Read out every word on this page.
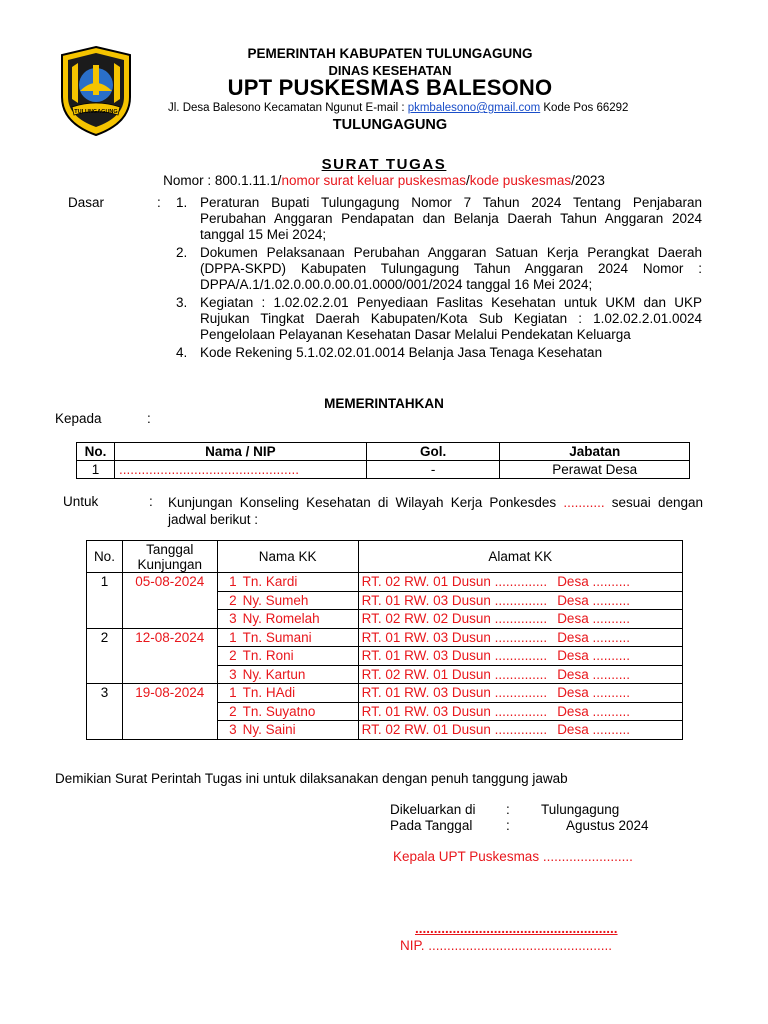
TULUNGAGUNG
PEMERINTAH KABUPATEN TULUNGAGUNG
DINAS KESEHATAN
UPT PUSKESMAS BALESONO
Jl. Desa Balesono Kecamatan Ngunut E-mail : pkmbalesono@gmail.com Kode Pos 66292
TULUNGAGUNG
SURAT TUGAS
Nomor : 800.1.11.1/nomor surat keluar puskesmas/kode puskesmas/2023
Dasar	: 1. Peraturan Bupati Tulungagung Nomor 7 Tahun 2024 Tentang Penjabaran Perubahan Anggaran Pendapatan dan Belanja Daerah Tahun Anggaran 2024 tanggal 15 Mei 2024;
2. Dokumen Pelaksanaan Perubahan Anggaran Satuan Kerja Perangkat Daerah (DPPA-SKPD) Kabupaten Tulungagung Tahun Anggaran 2024 Nomor : DPPA/A.1/1.02.0.00.0.00.01.0000/001/2024 tanggal 16 Mei 2024;
3. Kegiatan : 1.02.02.2.01 Penyediaan Faslitas Kesehatan untuk UKM dan UKP Rujukan Tingkat Daerah Kabupaten/Kota Sub Kegiatan : 1.02.02.2.01.0024 Pengelolaan Pelayanan Kesehatan Dasar Melalui Pendekatan Keluarga
4. Kode Rekening 5.1.02.02.01.0014 Belanja Jasa Tenaga Kesehatan
MEMERINTAHKAN
Kepada	:
No.	Nama / NIP	Gol.	Jabatan
1	................................................	-	Perawat Desa
Untuk	: Kunjungan Konseling Kesehatan di Wilayah Kerja Ponkesdes ........... sesuai dengan jadwal berikut :
No.	Tanggal Kunjungan	Nama KK	Alamat KK
1	05-08-2024	1 Tn. Kardi	RT. 02 RW. 01 Dusun .............. Desa ..........
		2 Ny. Sumeh	RT. 01 RW. 03 Dusun .............. Desa ..........
		3 Ny. Romelah	RT. 02 RW. 02 Dusun .............. Desa ..........
2	12-08-2024	1 Tn. Sumani	RT. 01 RW. 03 Dusun .............. Desa ..........
		2 Tn. Roni	RT. 01 RW. 03 Dusun .............. Desa ..........
		3 Ny. Kartun	RT. 02 RW. 01 Dusun .............. Desa ..........
3	19-08-2024	1 Tn. HAdi	RT. 01 RW. 03 Dusun .............. Desa ..........
		2 Tn. Suyatno	RT. 01 RW. 03 Dusun .............. Desa ..........
		3 Ny. Saini	RT. 02 RW. 01 Dusun .............. Desa ..........
Demikian Surat Perintah Tugas ini untuk dilaksanakan dengan penuh tanggung jawab
Dikeluarkan di : Tulungagung
Pada Tanggal :	Agustus 2024
Kepala UPT Puskesmas ........................
......................................................
NIP. .................................................
